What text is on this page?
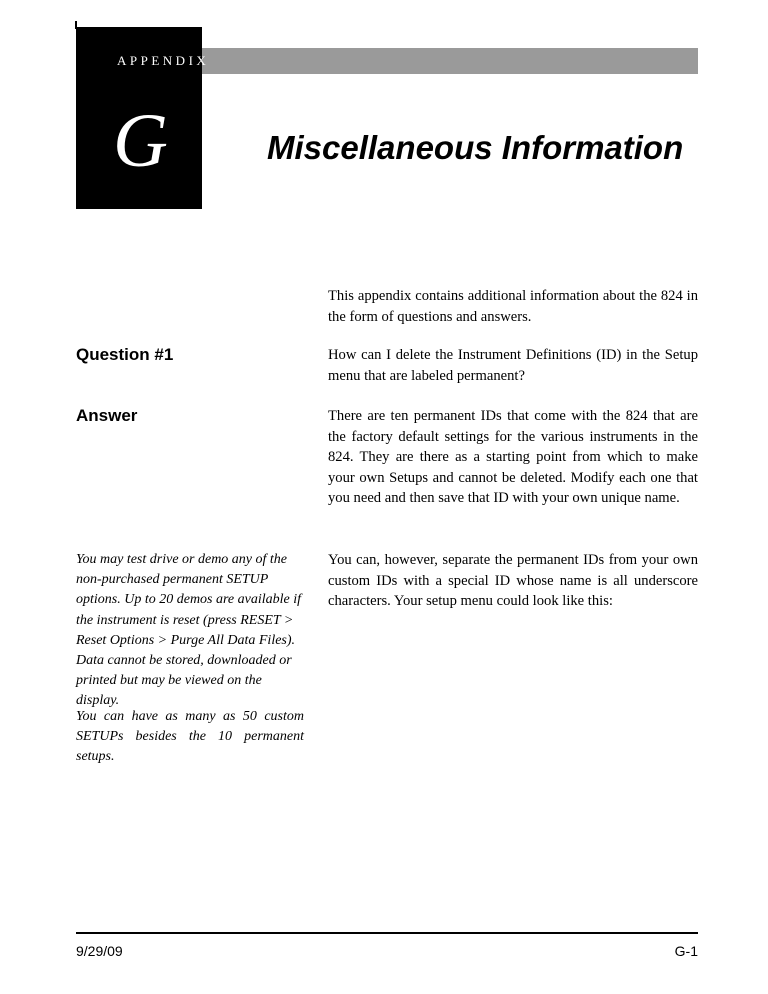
APPENDIX
G	Miscellaneous Information

This appendix contains additional information about the 824 in the form of questions and answers.

Question #1	How can I delete the Instrument Definitions (ID) in the Setup menu that are labeled permanent?

Answer	There are ten permanent IDs that come with the 824 that are the factory default settings for the various instruments in the 824. They are there as a starting point from which to make your own Setups and cannot be deleted. Modify each one that you need and then save that ID with your own unique name.

You can, however, separate the permanent IDs from your own custom IDs with a special ID whose name is all underscore characters. Your setup menu could look like this:

You may test drive or demo any of the non-purchased permanent SETUP options. Up to 20 demos are available if the instrument is reset (press RESET > Reset Options > Purge All Data Files). Data cannot be stored, downloaded or printed but may be viewed on the display.

You can have as many as 50 custom SETUPs besides the 10 permanent setups.

9/29/09	G-1
